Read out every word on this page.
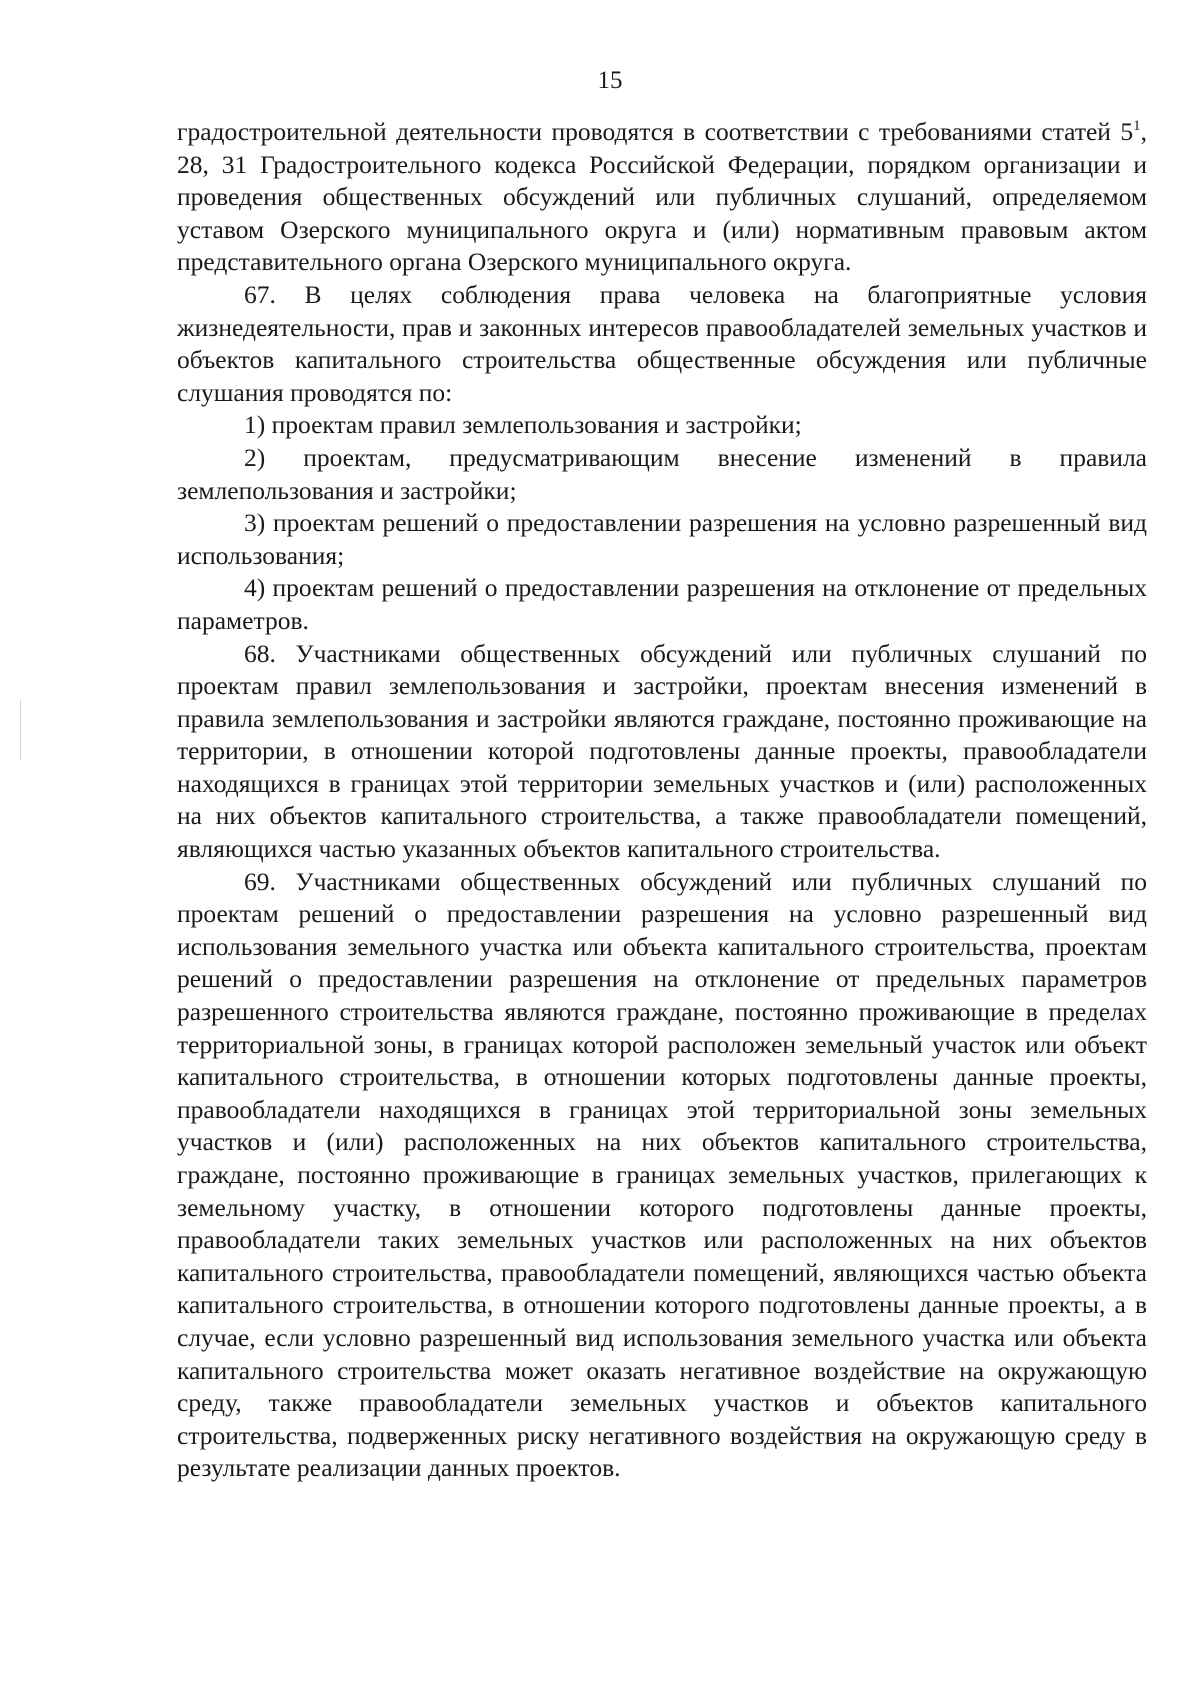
15

градостроительной деятельности проводятся в соответствии с требованиями статей $5^1$, 28, 31 Градостроительного кодекса Российской Федерации, порядком организации и проведения общественных обсуждений или публичных слушаний, определяемом уставом Озерского муниципального округа и (или) нормативным правовым актом представительного органа Озерского муниципального округа.

67. В целях соблюдения права человека на благоприятные условия жизнедеятельности, прав и законных интересов правообладателей земельных участков и объектов капитального строительства общественные обсуждения или публичные слушания проводятся по:

1) проектам правил землепользования и застройки;

2) проектам, предусматривающим внесение изменений в правила землепользования и застройки;

3) проектам решений о предоставлении разрешения на условно разрешенный вид использования;

4) проектам решений о предоставлении разрешения на отклонение от предельных параметров.

68. Участниками общественных обсуждений или публичных слушаний по проектам правил землепользования и застройки, проектам внесения изменений в правила землепользования и застройки являются граждане, постоянно проживающие на территории, в отношении которой подготовлены данные проекты, правообладатели находящихся в границах этой территории земельных участков и (или) расположенных на них объектов капитального строительства, а также правообладатели помещений, являющихся частью указанных объектов капитального строительства.

69. Участниками общественных обсуждений или публичных слушаний по проектам решений о предоставлении разрешения на условно разрешенный вид использования земельного участка или объекта капитального строительства, проектам решений о предоставлении разрешения на отклонение от предельных параметров разрешенного строительства являются граждане, постоянно проживающие в пределах территориальной зоны, в границах которой расположен земельный участок или объект капитального строительства, в отношении которых подготовлены данные проекты, правообладатели находящихся в границах этой территориальной зоны земельных участков и (или) расположенных на них объектов капитального строительства, граждане, постоянно проживающие в границах земельных участков, прилегающих к земельному участку, в отношении которого подготовлены данные проекты, правообладатели таких земельных участков или расположенных на них объектов капитального строительства, правообладатели помещений, являющихся частью объекта капитального строительства, в отношении которого подготовлены данные проекты, а в случае, если условно разрешенный вид использования земельного участка или объекта капитального строительства может оказать негативное воздействие на окружающую среду, также правообладатели земельных участков и объектов капитального строительства, подверженных риску негативного воздействия на окружающую среду в результате реализации данных проектов.
